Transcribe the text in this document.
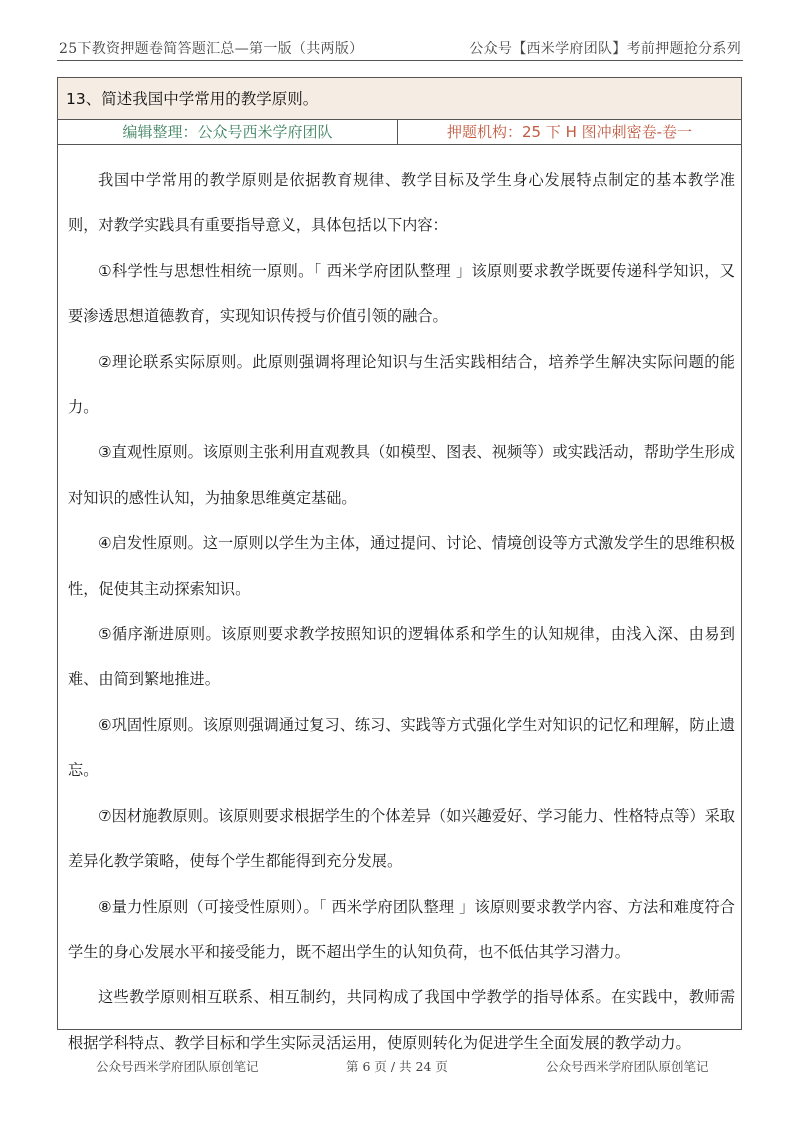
25下教资押题卷简答题汇总—第一版（共两版）	公众号【西米学府团队】考前押题抢分系列
13、简述我国中学常用的教学原则。
编辑整理：公众号西米学府团队	押题机构：25 下 H 图冲刺密卷-卷一

我国中学常用的教学原则是依据教育规律、教学目标及学生身心发展特点制定的基本教学准则，对教学实践具有重要指导意义，具体包括以下内容：

①科学性与思想性相统一原则。「 西米学府团队整理 」该原则要求教学既要传递科学知识，又要渗透思想道德教育，实现知识传授与价值引领的融合。

②理论联系实际原则。此原则强调将理论知识与生活实践相结合，培养学生解决实际问题的能力。

③直观性原则。该原则主张利用直观教具（如模型、图表、视频等）或实践活动，帮助学生形成对知识的感性认知，为抽象思维奠定基础。

④启发性原则。这一原则以学生为主体，通过提问、讨论、情境创设等方式激发学生的思维积极性，促使其主动探索知识。

⑤循序渐进原则。该原则要求教学按照知识的逻辑体系和学生的认知规律，由浅入深、由易到难、由简到繁地推进。

⑥巩固性原则。该原则强调通过复习、练习、实践等方式强化学生对知识的记忆和理解，防止遗忘。

⑦因材施教原则。该原则要求根据学生的个体差异（如兴趣爱好、学习能力、性格特点等）采取差异化教学策略，使每个学生都能得到充分发展。

⑧量力性原则（可接受性原则）。「 西米学府团队整理 」该原则要求教学内容、方法和难度符合学生的身心发展水平和接受能力，既不超出学生的认知负荷，也不低估其学习潜力。

这些教学原则相互联系、相互制约，共同构成了我国中学教学的指导体系。在实践中，教师需根据学科特点、教学目标和学生实际灵活运用，使原则转化为促进学生全面发展的教学动力。

公众号西米学府团队原创笔记	第 6 页 / 共 24 页	公众号西米学府团队原创笔记
